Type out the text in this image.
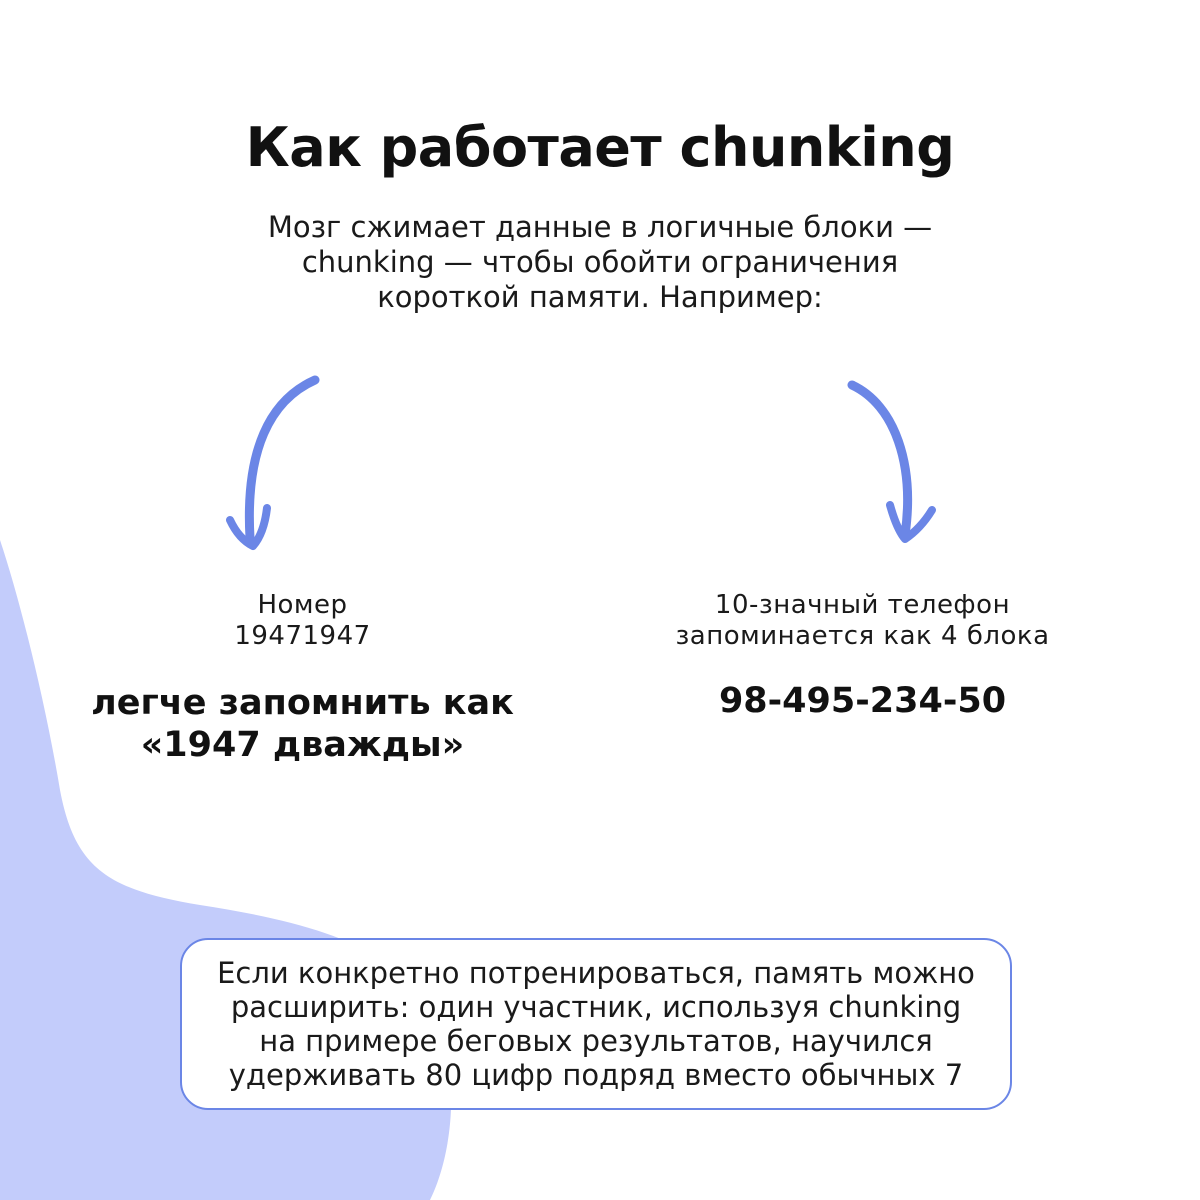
Как работает chunking

Мозг сжимает данные в логичные блоки —
chunking — чтобы обойти ограничения
короткой памяти. Например:

Номер
19471947
легче запомнить как
«1947 дважды»
10-значный телефон
запоминается как 4 блока
98-495-234-50
Если конкретно потренироваться, память можно
расширить: один участник, используя chunking
на примере беговых результатов, научился
удерживать 80 цифр подряд вместо обычных 7
